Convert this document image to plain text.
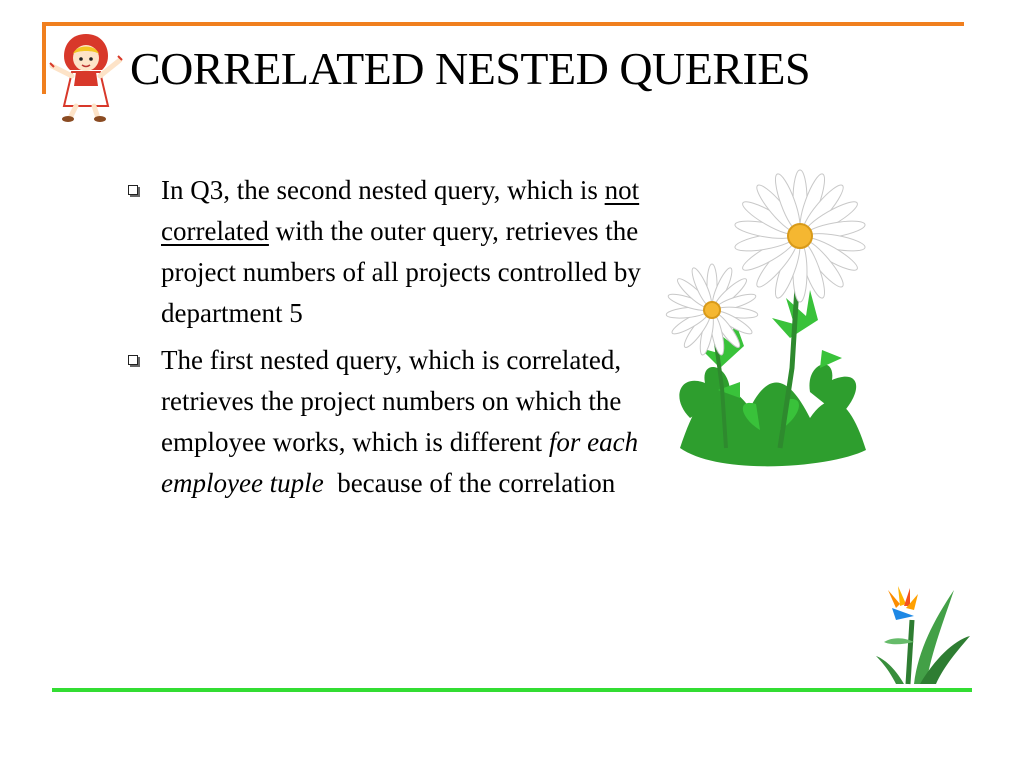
CORRELATED NESTED QUERIES
In Q3, the second nested query, which is not correlated with the outer query, retrieves the project numbers of all projects controlled by department 5
The first nested query, which is correlated, retrieves the project numbers on which the employee works, which is different for each employee tuple  because of the correlation
